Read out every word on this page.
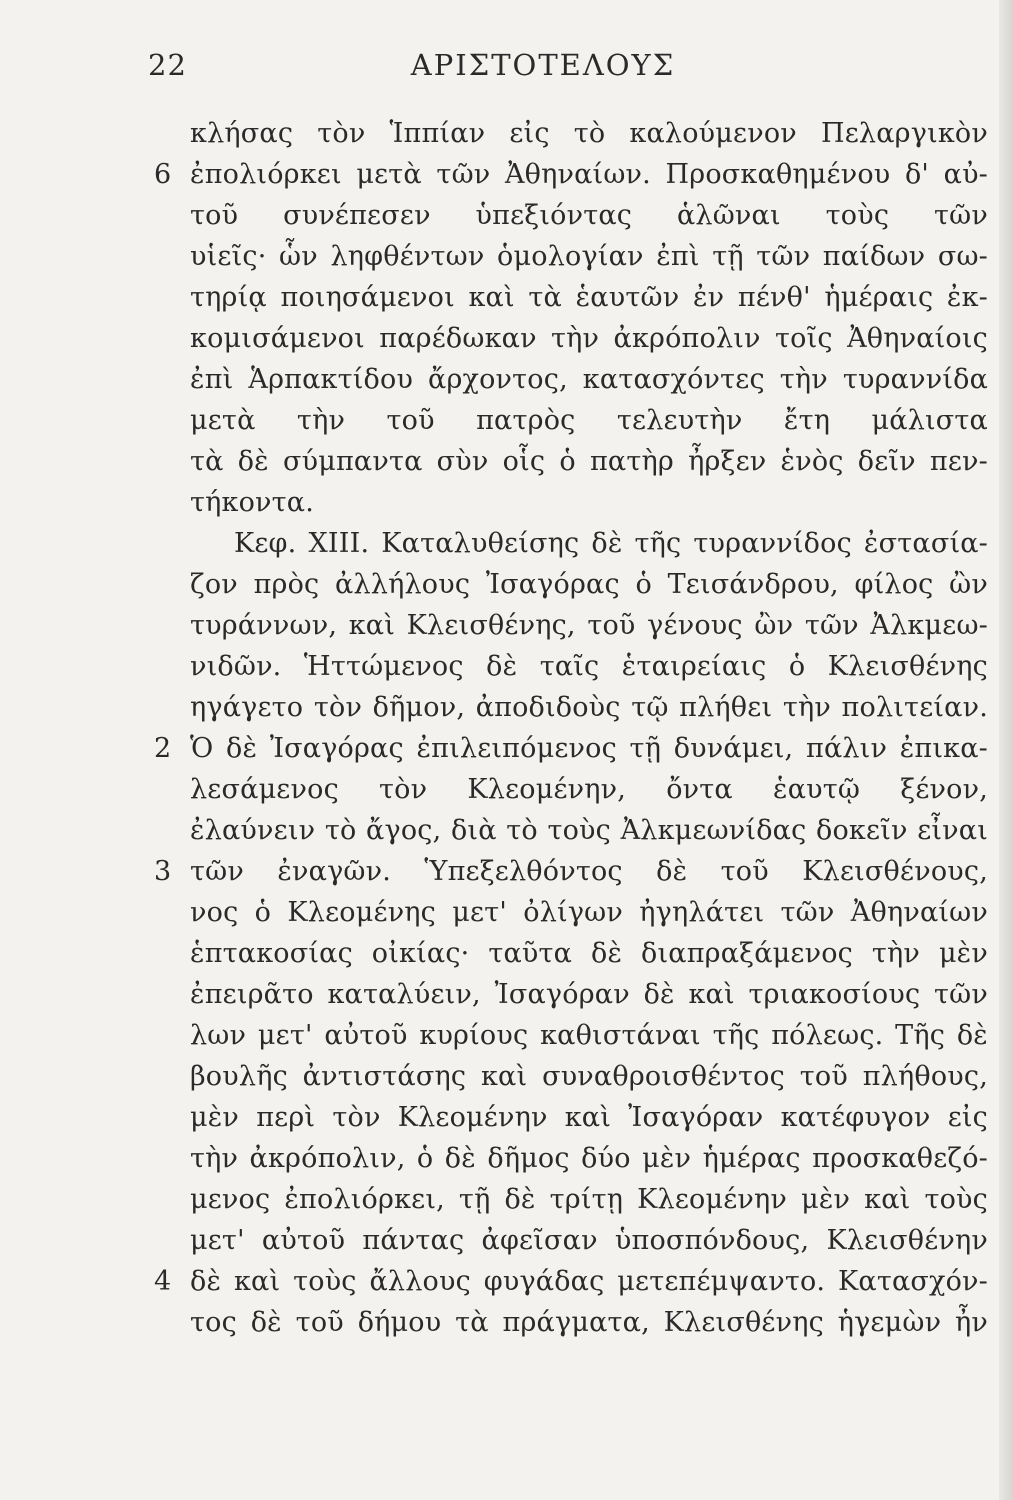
22	ΑΡΙΣΤΟΤΕΛΟΥΣ
κλήσας τὸν Ἱππίαν εἰς τὸ καλούμενον Πελαργικὸν
ἐπολιόρκει μετὰ τῶν Ἀθηναίων. Προσκαθημένου δ' αὐ-
6
τοῦ συνέπεσεν ὑπεξιόντας ἁλῶναι τοὺς τῶν
υἱεῖς· ὧν ληφθέντων ὁμολογίαν ἐπὶ τῇ τῶν παίδων σω-
τηρίᾳ ποιησάμενοι καὶ τὰ ἑαυτῶν ἐν πένθ' ἡμέραις ἐκ-
κομισάμενοι παρέδωκαν τὴν ἀκρόπολιν τοῖς Ἀθηναίοις
ἐπὶ Ἁρπακτίδου ἄρχοντος, κατασχόντες τὴν τυραννίδα
μετὰ τὴν τοῦ πατρὸς τελευτὴν ἔτη μάλιστα
τὰ δὲ σύμπαντα σὺν οἷς ὁ πατὴρ ἦρξεν ἑνὸς δεῖν πεν-
τήκοντα.
Κεφ. XIII. Καταλυθείσης δὲ τῆς τυραννίδος ἐστασία-
ζον πρὸς ἀλλήλους Ἰσαγόρας ὁ Τεισάνδρου, φίλος ὢν
τυράννων, καὶ Κλεισθένης, τοῦ γένους ὢν τῶν Ἀλκμεω-
νιδῶν. Ἡττώμενος δὲ ταῖς ἑταιρείαις ὁ Κλεισθένης
ηγάγετο τὸν δῆμον, ἀποδιδοὺς τῷ πλήθει τὴν πολιτείαν.
Ὁ δὲ Ἰσαγόρας ἐπιλειπόμενος τῇ δυνάμει, πάλιν ἐπικα-
2
λεσάμενος τὸν Κλεομένην, ὄντα ἑαυτῷ ξένον,
ἐλαύνειν τὸ ἄγος, διὰ τὸ τοὺς Ἀλκμεωνίδας δοκεῖν εἶναι
τῶν ἐναγῶν. Ὑπεξελθόντος δὲ τοῦ Κλεισθένους,
3
νος ὁ Κλεομένης μετ' ὀλίγων ἠγηλάτει τῶν Ἀθηναίων
ἑπτακοσίας οἰκίας· ταῦτα δὲ διαπραξάμενος τὴν μὲν
ἐπειρᾶτο καταλύειν, Ἰσαγόραν δὲ καὶ τριακοσίους τῶν
λων μετ' αὐτοῦ κυρίους καθιστάναι τῆς πόλεως. Τῆς δὲ
βουλῆς ἀντιστάσης καὶ συναθροισθέντος τοῦ πλήθους,
μὲν περὶ τὸν Κλεομένην καὶ Ἰσαγόραν κατέφυγον εἰς
τὴν ἀκρόπολιν, ὁ δὲ δῆμος δύο μὲν ἡμέρας προσκαθεζό-
μενος ἐπολιόρκει, τῇ δὲ τρίτῃ Κλεομένην μὲν καὶ τοὺς
μετ' αὐτοῦ πάντας ἀφεῖσαν ὑποσπόνδους, Κλεισθένην
δὲ καὶ τοὺς ἄλλους φυγάδας μετεπέμψαντο. Κατασχόν-
4
τος δὲ τοῦ δήμου τὰ πράγματα, Κλεισθένης ἡγεμὼν ἦν
